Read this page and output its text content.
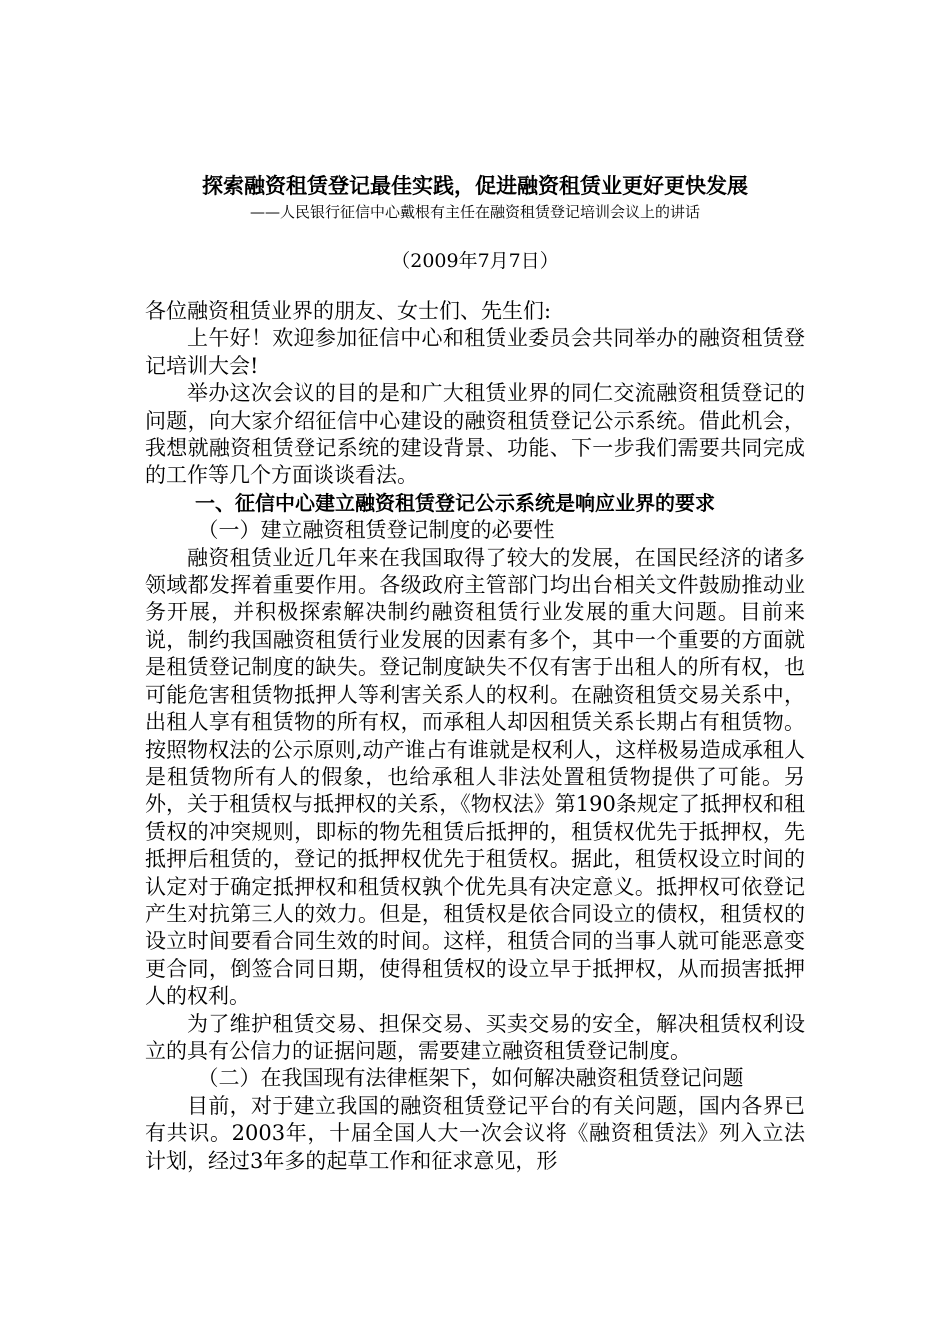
探索融资租赁登记最佳实践，促进融资租赁业更好更快发展
——人民银行征信中心戴根有主任在融资租赁登记培训会议上的讲话
（2009年7月7日）

各位融资租赁业界的朋友、女士们、先生们:

上午好！欢迎参加征信中心和租赁业委员会共同举办的融资租赁登记培训大会!

举办这次会议的目的是和广大租赁业界的同仁交流融资租赁登记的问题，向大家介绍征信中心建设的融资租赁登记公示系统。借此机会，我想就融资租赁登记系统的建设背景、功能、下一步我们需要共同完成的工作等几个方面谈谈看法。

一、征信中心建立融资租赁登记公示系统是响应业界的要求

（一）建立融资租赁登记制度的必要性

融资租赁业近几年来在我国取得了较大的发展，在国民经济的诸多领域都发挥着重要作用。各级政府主管部门均出台相关文件鼓励推动业务开展，并积极探索解决制约融资租赁行业发展的重大问题。目前来说，制约我国融资租赁行业发展的因素有多个，其中一个重要的方面就是租赁登记制度的缺失。登记制度缺失不仅有害于出租人的所有权，也可能危害租赁物抵押人等利害关系人的权利。在融资租赁交易关系中，出租人享有租赁物的所有权，而承租人却因租赁关系长期占有租赁物。按照物权法的公示原则,动产谁占有谁就是权利人，这样极易造成承租人是租赁物所有人的假象，也给承租人非法处置租赁物提供了可能。另外，关于租赁权与抵押权的关系，《物权法》第190条规定了抵押权和租赁权的冲突规则，即标的物先租赁后抵押的，租赁权优先于抵押权，先抵押后租赁的，登记的抵押权优先于租赁权。据此，租赁权设立时间的认定对于确定抵押权和租赁权孰个优先具有决定意义。抵押权可依登记产生对抗第三人的效力。但是，租赁权是依合同设立的债权，租赁权的设立时间要看合同生效的时间。这样，租赁合同的当事人就可能恶意变更合同，倒签合同日期，使得租赁权的设立早于抵押权，从而损害抵押人的权利。

为了维护租赁交易、担保交易、买卖交易的安全，解决租赁权利设立的具有公信力的证据问题，需要建立融资租赁登记制度。

（二）在我国现有法律框架下，如何解决融资租赁登记问题

目前，对于建立我国的融资租赁登记平台的有关问题，国内各界已有共识。2003年，十届全国人大一次会议将《融资租赁法》列入立法计划，经过3年多的起草工作和征求意见，形
